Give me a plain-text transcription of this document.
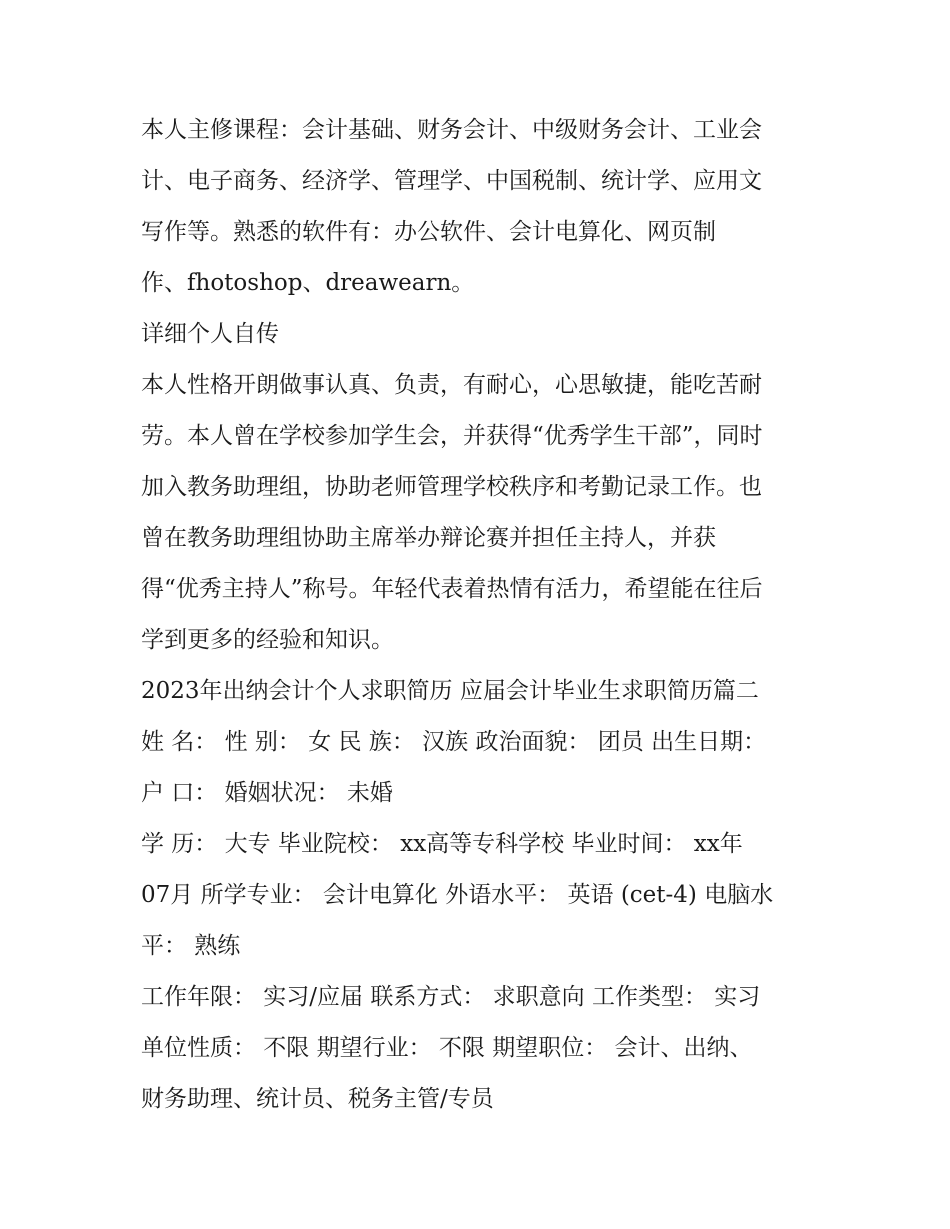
本人主修课程：会计基础、财务会计、中级财务会计、工业会
计、电子商务、经济学、管理学、中国税制、统计学、应用文
写作等。熟悉的软件有：办公软件、会计电算化、网页制
作、fhotoshop、dreawearn。
详细个人自传
本人性格开朗做事认真、负责，有耐心，心思敏捷，能吃苦耐
劳。本人曾在学校参加学生会，并获得“优秀学生干部”，同时
加入教务助理组，协助老师管理学校秩序和考勤记录工作。也
曾在教务助理组协助主席举办辩论赛并担任主持人，并获
得“优秀主持人”称号。年轻代表着热情有活力，希望能在往后
学到更多的经验和知识。
2023年出纳会计个人求职简历 应届会计毕业生求职简历篇二
姓 名： 性 别： 女 民 族： 汉族 政治面貌： 团员 出生日期：
户 口： 婚姻状况： 未婚
学 历： 大专 毕业院校： xx高等专科学校 毕业时间： xx年
07月 所学专业： 会计电算化 外语水平： 英语 (cet-4) 电脑水
平： 熟练
工作年限： 实习/应届 联系方式： 求职意向 工作类型： 实习
单位性质： 不限 期望行业： 不限 期望职位： 会计、出纳、
财务助理、统计员、税务主管/专员
